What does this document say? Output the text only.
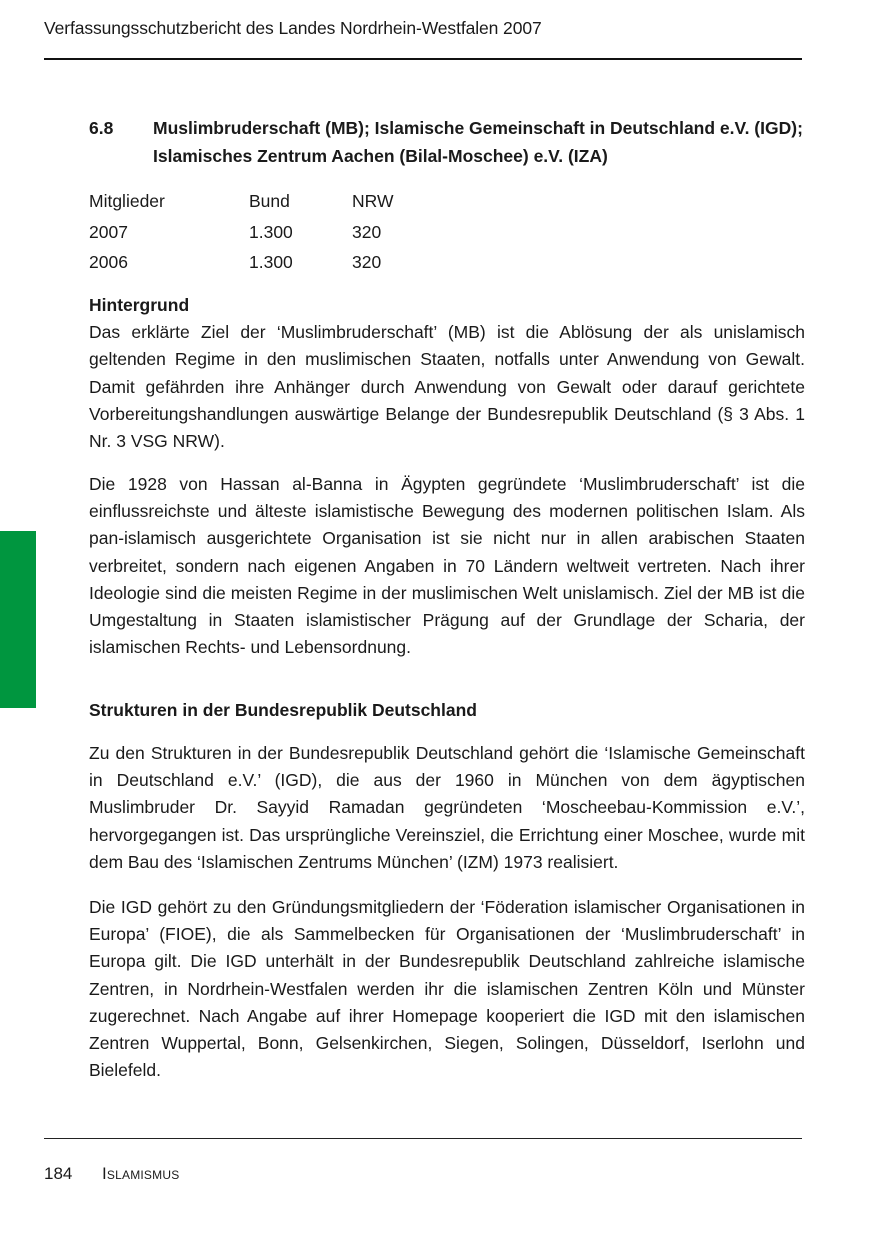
Verfassungsschutzbericht des Landes Nordrhein-Westfalen 2007
6.8 Muslimbruderschaft (MB); Islamische Gemeinschaft in Deutschland e.V. (IGD); Islamisches Zentrum Aachen (Bilal-Moschee) e.V. (IZA)
Mitglieder	Bund	NRW
2007	1.300	320
2006	1.300	320
Hintergrund

Das erklärte Ziel der ‘Muslimbruderschaft’ (MB) ist die Ablösung der als unislamisch geltenden Regime in den muslimischen Staaten, notfalls unter Anwendung von Gewalt. Damit gefährden ihre Anhänger durch Anwendung von Gewalt oder darauf gerichtete Vorbereitungshandlungen auswärtige Belange der Bundesrepublik Deutschland (§ 3 Abs. 1 Nr. 3 VSG NRW).

Die 1928 von Hassan al-Banna in Ägypten gegründete ‘Muslimbruderschaft’ ist die einflussreichste und älteste islamistische Bewegung des modernen politischen Islam. Als pan-islamisch ausgerichtete Organisation ist sie nicht nur in allen arabischen Staaten verbreitet, sondern nach eigenen Angaben in 70 Ländern weltweit vertreten. Nach ihrer Ideologie sind die meisten Regime in der muslimischen Welt unislamisch. Ziel der MB ist die Umgestaltung in Staaten islamistischer Prägung auf der Grundlage der Scharia, der islamischen Rechts- und Lebensordnung.

Strukturen in der Bundesrepublik Deutschland

Zu den Strukturen in der Bundesrepublik Deutschland gehört die ‘Islamische Gemeinschaft in Deutschland e.V.’ (IGD), die aus der 1960 in München von dem ägyptischen Muslimbruder Dr. Sayyid Ramadan gegründeten ‘Moscheebau-Kommission e.V.’, hervorgegangen ist. Das ursprüngliche Vereinsziel, die Errichtung einer Moschee, wurde mit dem Bau des ‘Islamischen Zentrums München’ (IZM) 1973 realisiert.

Die IGD gehört zu den Gründungsmitgliedern der ‘Föderation islamischer Organisationen in Europa’ (FIOE), die als Sammelbecken für Organisationen der ‘Muslimbruderschaft’ in Europa gilt. Die IGD unterhält in der Bundesrepublik Deutschland zahlreiche islamische Zentren, in Nordrhein-Westfalen werden ihr die islamischen Zentren Köln und Münster zugerechnet. Nach Angabe auf ihrer Homepage kooperiert die IGD mit den islamischen Zentren Wuppertal, Bonn, Gelsenkirchen, Siegen, Solingen, Düsseldorf, Iserlohn und Bielefeld.

184	Islamismus
